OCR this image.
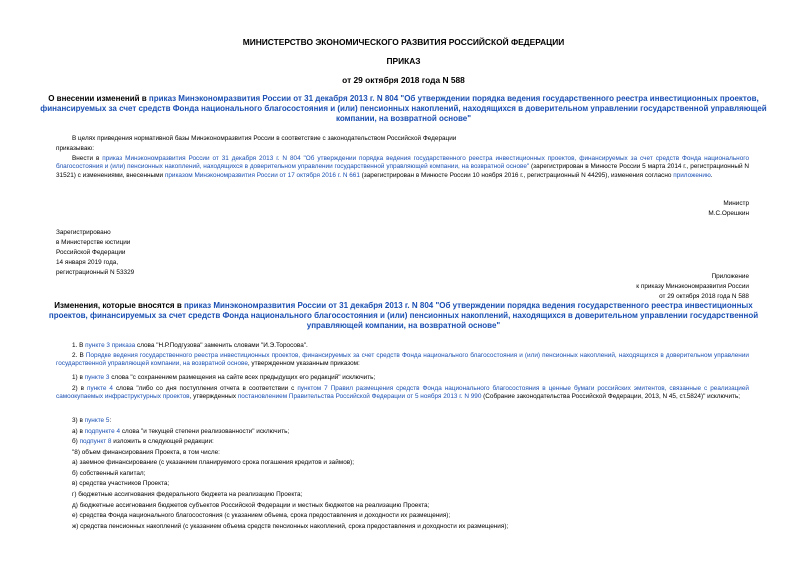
МИНИСТЕРСТВО ЭКОНОМИЧЕСКОГО РАЗВИТИЯ РОССИЙСКОЙ ФЕДЕРАЦИИ
ПРИКАЗ
от 29 октября 2018 года N 588
О внесении изменений в приказ Минэкономразвития России от 31 декабря 2013 г. N 804 "Об утверждении порядка ведения государственного реестра инвестиционных проектов, финансируемых за счет средств Фонда национального благосостояния и (или) пенсионных накоплений, находящихся в доверительном управлении государственной управляющей компании, на возвратной основе"
В целях приведения нормативной базы Минэкономразвития России в соответствие с законодательством Российской Федерации
приказываю:
Внести в приказ Минэкономразвития России от 31 декабря 2013 г. N 804 "Об утверждении порядка ведения государственного реестра инвестиционных проектов, финансируемых за счет средств Фонда национального благосостояния и (или) пенсионных накоплений, находящихся в доверительном управлении государственной управляющей компании, на возвратной основе" (зарегистрирован в Минюсте России 5 марта 2014 г., регистрационный N 31521) с изменениями, внесенными приказом Минэкономразвития России от 17 октября 2016 г. N 661 (зарегистрирован в Минюсте России 10 ноября 2016 г., регистрационный N 44295), изменения согласно приложению.
Министр
М.С.Орешкин
Зарегистрировано
в Министерстве юстиции
Российской Федерации
14 января 2019 года,
регистрационный N 53329
Приложение
к приказу Минэкономразвития России
от 29 октября 2018 года N 588
Изменения, которые вносятся в приказ Минэкономразвития России от 31 декабря 2013 г. N 804 "Об утверждении порядка ведения государственного реестра инвестиционных проектов, финансируемых за счет средств Фонда национального благосостояния и (или) пенсионных накоплений, находящихся в доверительном управлении государственной управляющей компании, на возвратной основе"
1. В пункте 3 приказа слова "Н.Р.Подгузова" заменить словами "И.Э.Торосова".
2. В Порядке ведения государственного реестра инвестиционных проектов, финансируемых за счет средств Фонда национального благосостояния и (или) пенсионных накоплений, находящихся в доверительном управлении государственной управляющей компании, на возвратной основе, утвержденном указанным приказом:
1) в пункте 3 слова "с сохранением размещения на сайте всех предыдущих его редакций" исключить;
2) в пункте 4 слова "либо со дня поступления отчета в соответствии с пунктом 7 Правил размещения средств Фонда национального благосостояния в ценные бумаги российских эмитентов, связанные с реализацией самоокупаемых инфраструктурных проектов, утвержденных постановлением Правительства Российской Федерации от 5 ноября 2013 г. N 990 (Собрание законодательства Российской Федерации, 2013, N 45, ст.5824)" исключить;
3) в пункте 5:
а) в подпункте 4 слова "и текущей степени реализованности" исключить;
б) подпункт 8 изложить в следующей редакции:
"8) объем финансирования Проекта, в том числе:
а) заемное финансирование (с указанием планируемого срока погашения кредитов и займов);
б) собственный капитал;
в) средства участников Проекта;
г) бюджетные ассигнования федерального бюджета на реализацию Проекта;
д) бюджетные ассигнования бюджетов субъектов Российской Федерации и местных бюджетов на реализацию Проекта;
е) средства Фонда национального благосостояния (с указанием объема, срока предоставления и доходности их размещения);
ж) средства пенсионных накоплений (с указанием объема средств пенсионных накоплений, срока предоставления и доходности их размещения);
